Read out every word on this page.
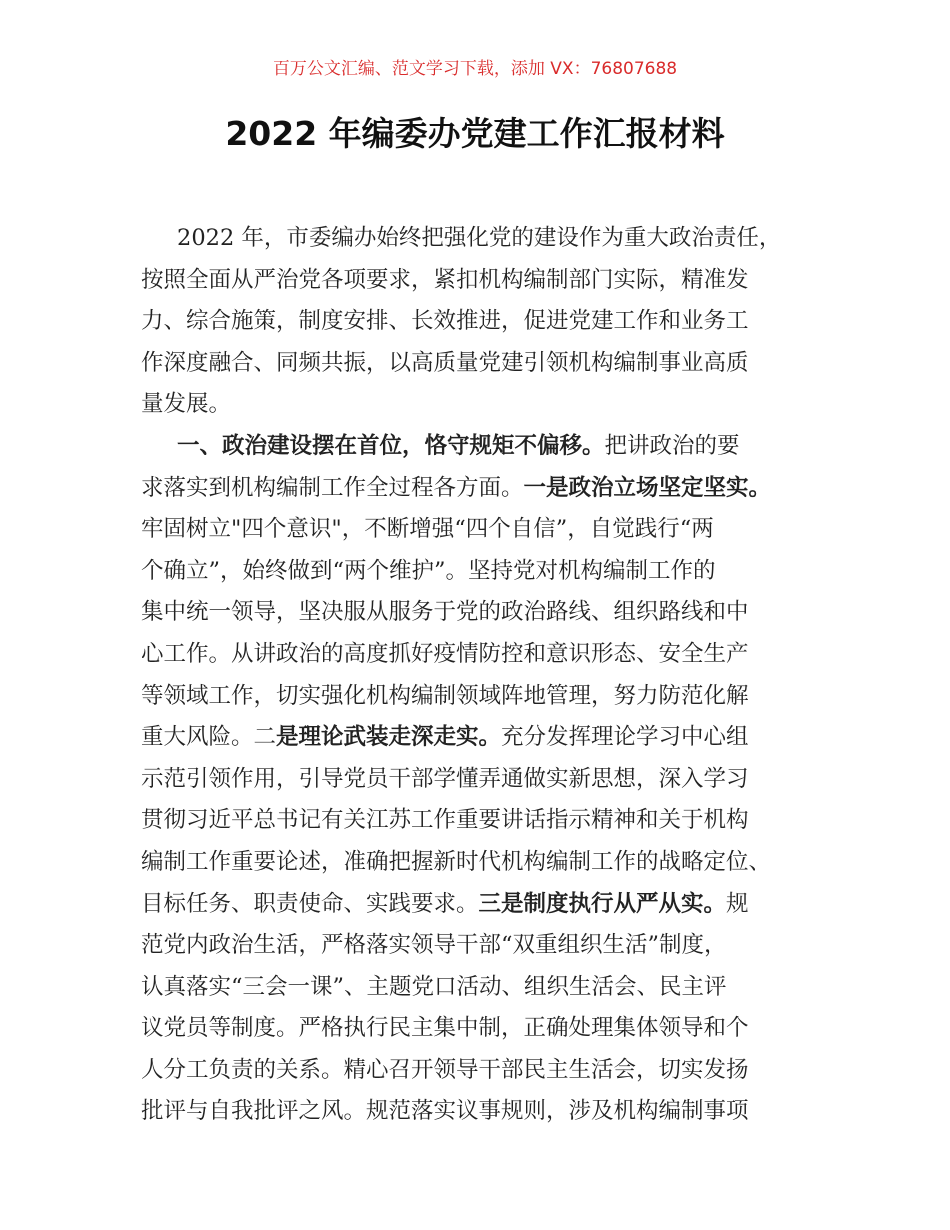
百万公文汇编、范文学习下载，添加 VX：76807688
2022 年编委办党建工作汇报材料
2022 年，市委编办始终把强化党的建设作为重大政治责任，
按照全面从严治党各项要求，紧扣机构编制部门实际，精准发
力、综合施策，制度安排、长效推进，促进党建工作和业务工
作深度融合、同频共振，以高质量党建引领机构编制事业高质
量发展。
一、政治建设摆在首位，恪守规矩不偏移。把讲政治的要
求落实到机构编制工作全过程各方面。一是政治立场坚定坚实。
牢固树立"四个意识"，不断增强“四个自信”，自觉践行“两
个确立”，始终做到“两个维护”。坚持党对机构编制工作的
集中统一领导，坚决服从服务于党的政治路线、组织路线和中
心工作。从讲政治的高度抓好疫情防控和意识形态、安全生产
等领域工作，切实强化机构编制领域阵地管理，努力防范化解
重大风险。二是理论武装走深走实。充分发挥理论学习中心组
示范引领作用，引导党员干部学懂弄通做实新思想，深入学习
贯彻习近平总书记有关江苏工作重要讲话指示精神和关于机构
编制工作重要论述，准确把握新时代机构编制工作的战略定位、
目标任务、职责使命、实践要求。三是制度执行从严从实。规
范党内政治生活，严格落实领导干部“双重组织生活”制度，
认真落实“三会一课”、主题党口活动、组织生活会、民主评
议党员等制度。严格执行民主集中制，正确处理集体领导和个
人分工负责的关系。精心召开领导干部民主生活会，切实发扬
批评与自我批评之风。规范落实议事规则，涉及机构编制事项
